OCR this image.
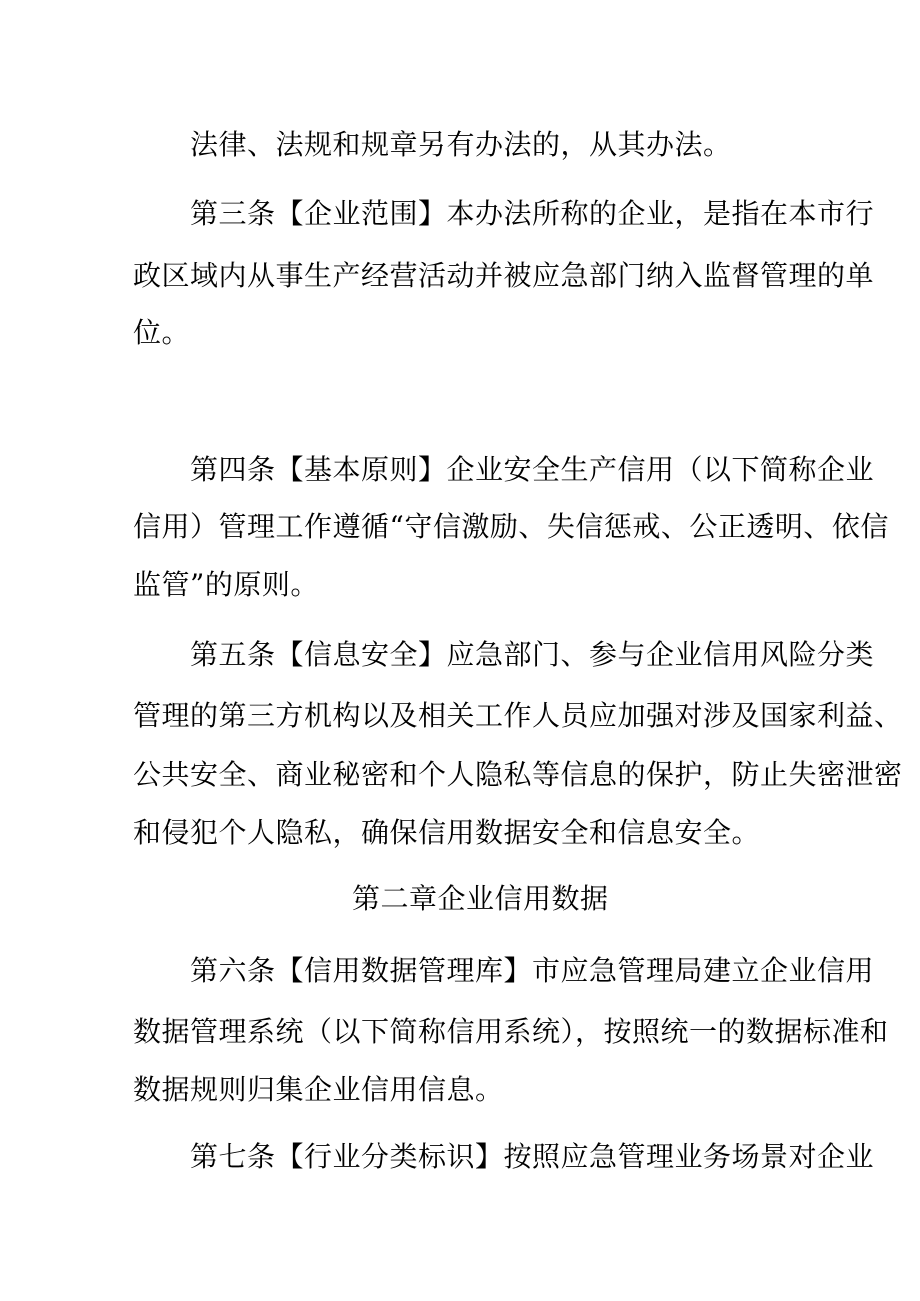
法律、法规和规章另有办法的，从其办法。
第三条【企业范围】本办法所称的企业，是指在本市行
政区域内从事生产经营活动并被应急部门纳入监督管理的单
位。
第四条【基本原则】企业安全生产信用（以下简称企业
信用）管理工作遵循“守信激励、失信惩戒、公正透明、依信
监管”的原则。
第五条【信息安全】应急部门、参与企业信用风险分类
管理的第三方机构以及相关工作人员应加强对涉及国家利益、
公共安全、商业秘密和个人隐私等信息的保护，防止失密泄密
和侵犯个人隐私，确保信用数据安全和信息安全。
第二章企业信用数据
第六条【信用数据管理库】市应急管理局建立企业信用
数据管理系统（以下简称信用系统），按照统一的数据标准和
数据规则归集企业信用信息。
第七条【行业分类标识】按照应急管理业务场景对企业
